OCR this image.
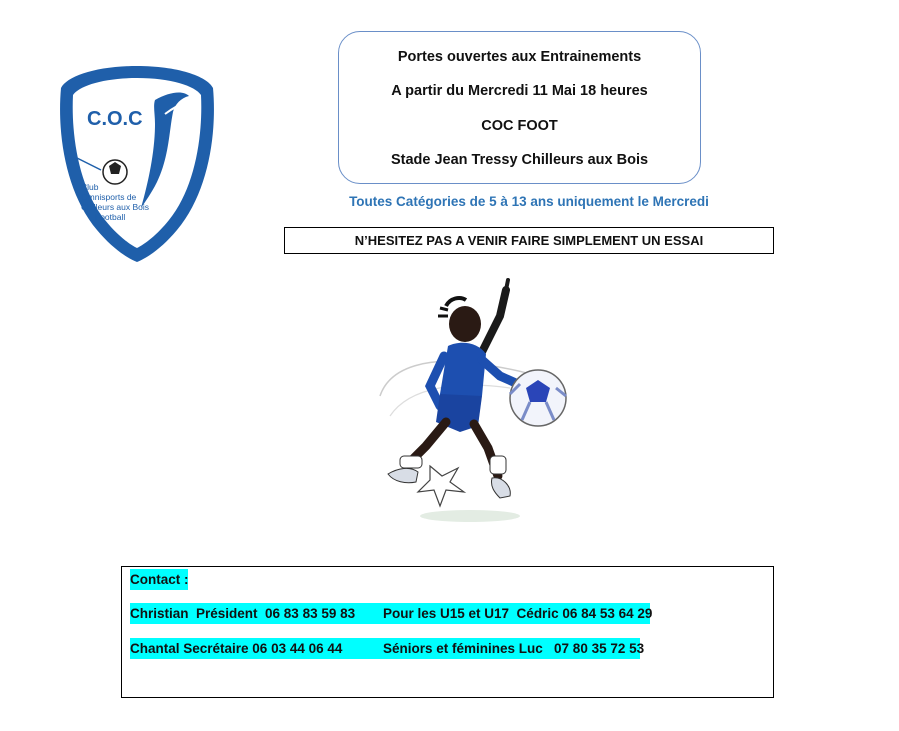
C.O.C
Club
Omnisports de
Chilleurs aux Bois
Football
Portes ouvertes aux Entrainements
A partir du Mercredi 11 Mai 18 heures
COC FOOT
Stade Jean Tressy Chilleurs aux Bois
Toutes Catégories de 5 à 13 ans uniquement le Mercredi
N’HESITEZ PAS A VENIR FAIRE SIMPLEMENT UN ESSAI
Contact :

Christian  Président  06 83 83 59 83

Pour les U15 et U17  Cédric 06 84 53 64 29

Chantal Secrétaire 06 03 44 06 44

	Séniors et féminines Luc   07 80 35 72 53
